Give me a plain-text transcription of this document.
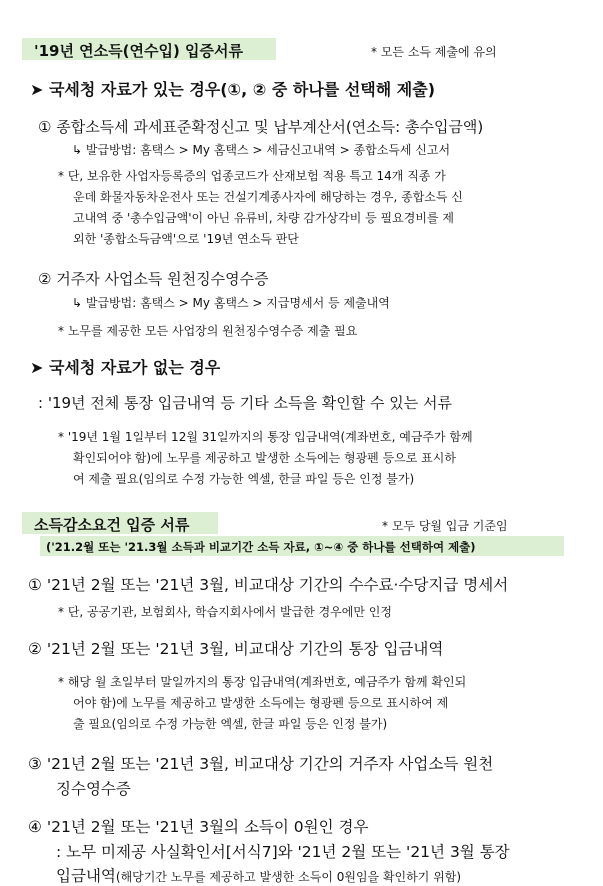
'19년 연소득(연수입) 입증서류	* 모든 소득 제출에 유의
➤ 국세청 자료가 있는 경우(①, ② 중 하나를 선택해 제출)
① 종합소득세 과세표준확정신고 및 납부계산서(연소득: 총수입금액)
↳ 발급방법: 홈택스 > My 홈택스 > 세금신고내역 > 종합소득세 신고서
* 단, 보유한 사업자등록증의 업종코드가 산재보험 적용 특고 14개 직종 가
운데 화물자동차운전사 또는 건설기계종사자에 해당하는 경우, 종합소득 신
고내역 중 '총수입금액'이 아닌 유류비, 차량 감가상각비 등 필요경비를 제
외한 '종합소득금액'으로 '19년 연소득 판단
② 거주자 사업소득 원천징수영수증
↳ 발급방법: 홈택스 > My 홈택스 > 지급명세서 등 제출내역
* 노무를 제공한 모든 사업장의 원천징수영수증 제출 필요
➤ 국세청 자료가 없는 경우
: '19년 전체 통장 입금내역 등 기타 소득을 확인할 수 있는 서류
* '19년 1월 1일부터 12월 31일까지의 통장 입금내역(계좌번호, 예금주가 함께
확인되어야 함)에 노무를 제공하고 발생한 소득에는 형광펜 등으로 표시하
여 제출 필요(임의로 수정 가능한 엑셀, 한글 파일 등은 인정 불가)
소득감소요건 입증 서류	* 모두 당월 입금 기준임
('21.2월 또는 '21.3월 소득과 비교기간 소득 자료, ①~④ 중 하나를 선택하여 제출)
① '21년 2월 또는 '21년 3월, 비교대상 기간의 수수료·수당지급 명세서
* 단, 공공기관, 보험회사, 학습지회사에서 발급한 경우에만 인정
② '21년 2월 또는 '21년 3월, 비교대상 기간의 통장 입금내역
* 해당 월 초일부터 말일까지의 통장 입금내역(계좌번호, 예금주가 함께 확인되
어야 함)에 노무를 제공하고 발생한 소득에는 형광펜 등으로 표시하여 제
출 필요(임의로 수정 가능한 엑셀, 한글 파일 등은 인정 불가)
③ '21년 2월 또는 '21년 3월, 비교대상 기간의 거주자 사업소득 원천
징수영수증
④ '21년 2월 또는 '21년 3월의 소득이 0원인 경우
: 노무 미제공 사실확인서[서식7]와 '21년 2월 또는 '21년 3월 통장
입금내역(해당기간 노무를 제공하고 발생한 소득이 0원임을 확인하기 위함)
